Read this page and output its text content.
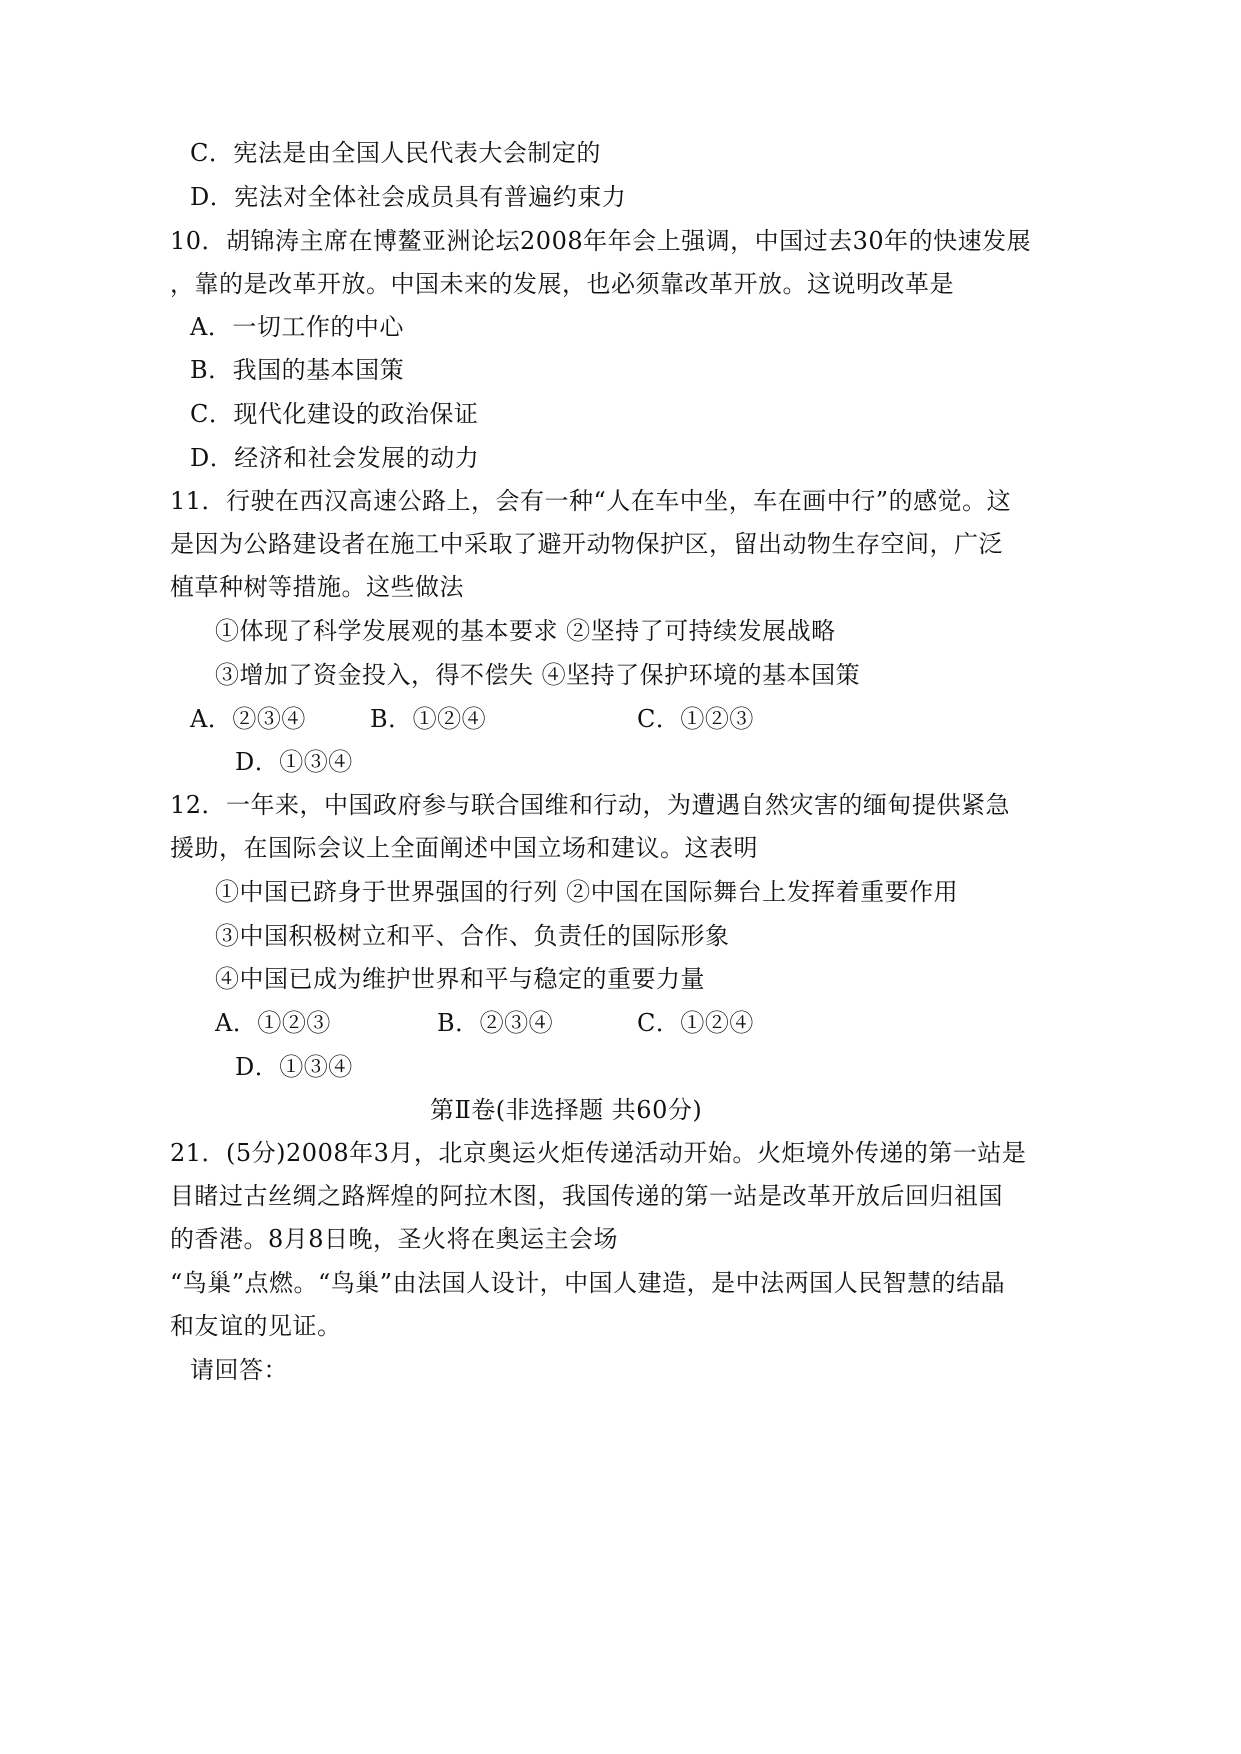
C．宪法是由全国人民代表大会制定的
D．宪法对全体社会成员具有普遍约束力
10．胡锦涛主席在博鳌亚洲论坛2008年年会上强调，中国过去30年的快速发展
，靠的是改革开放。中国未来的发展，也必须靠改革开放。这说明改革是
A．一切工作的中心
B．我国的基本国策
C．现代化建设的政治保证
D．经济和社会发展的动力
11．行驶在西汉高速公路上，会有一种“人在车中坐，车在画中行”的感觉。这
是因为公路建设者在施工中采取了避开动物保护区，留出动物生存空间，广泛
植草种树等措施。这些做法
①体现了科学发展观的基本要求 ②坚持了可持续发展战略
③增加了资金投入，得不偿失 ④坚持了保护环境的基本国策
A．②③④	B．①②④	C．①②③
D．①③④
12．一年来，中国政府参与联合国维和行动，为遭遇自然灾害的缅甸提供紧急
援助，在国际会议上全面阐述中国立场和建议。这表明
①中国已跻身于世界强国的行列 ②中国在国际舞台上发挥着重要作用
③中国积极树立和平、合作、负责任的国际形象
④中国已成为维护世界和平与稳定的重要力量
A．①②③	B．②③④	C．①②④
D．①③④
第Ⅱ卷(非选择题 共60分)
21．(5分)2008年3月，北京奥运火炬传递活动开始。火炬境外传递的第一站是
目睹过古丝绸之路辉煌的阿拉木图，我国传递的第一站是改革开放后回归祖国
的香港。8月8日晚，圣火将在奥运主会场
“鸟巢”点燃。“鸟巢”由法国人设计，中国人建造，是中法两国人民智慧的结晶
和友谊的见证。
请回答：
